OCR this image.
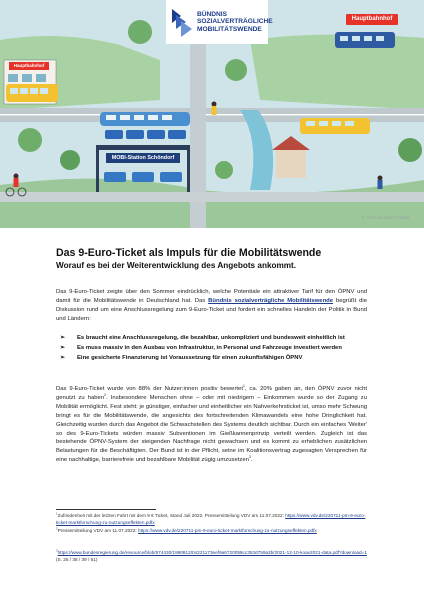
BÜNDNIS
SOZIALVERTRÄGLICHE
MOBILITÄTSWENDE
Hauptbahnhof
Hauptbahnhof
MOBI-Station Schöndorf
© VDA Studios / Fotolia
Das 9-Euro-Ticket als Impuls für die Mobilitätswende
Worauf es bei der Weiterentwicklung des Angebots ankommt.

Das 9-Euro-Ticket zeigte über den Sommer eindrücklich, welche Potentiale ein attraktiver Tarif für den ÖPNV und damit für die Mobilitätswende in Deutschland hat. Das Bündnis sozialverträgliche Mobilitätswende begrüßt die Diskussion rund um eine Anschlussregelung zum 9-Euro-Ticket und fordert ein schnelles Handeln der Politik in Bund und Ländern:

➢ Es braucht eine Anschlussregelung, die bezahlbar, unkompliziert und bundesweit einheitlich ist
➢ Es muss massiv in den Ausbau von Infrastruktur, in Personal und Fahrzeuge investiert werden
➢ Eine gesicherte Finanzierung ist Voraussetzung für einen zukunftsfähigen ÖPNV

Das 9-Euro-Ticket wurde von 88% der Nutzer:innen positiv bewertet$^1$, ca. 20% gaben an, den ÖPNV zuvor nicht genutzt zu haben$^2$. Insbesondere Menschen ohne – oder mit niedrigem – Einkommen wurde so der Zugang zu Mobilität ermöglicht. Fest steht: je günstiger, einfacher und einheitlicher ein Nahverkehrsticket ist, umso mehr Schwung bringt es für die Mobilitätswende, die angesichts des fortschreitenden Klimawandels eine hohe Dringlichkeit hat. Gleichzeitig wurden durch das Angebot die Schwachstellen des Systems deutlich sichtbar. Durch ein einfaches 'Weiter' so des 9-Euro-Tickets würden massiv Subventionen im Gießkannenprinzip verteilt werden. Zugleich ist das bestehende ÖPNV-System der steigenden Nachfrage nicht gewachsen und es kommt zu erheblichen zusätzlichen Belastungen für die Beschäftigten. Der Bund ist in der Pflicht, seine im Koalitionsvertrag zugesagten Versprechen für eine nachhaltige, barrierefreie und bezahlbare Mobilität zügig umzusetzen$^3$.

$^1$Zufriedenheit mit der letzten Fahrt mit dem 9 € Ticket, Stand Juli 2022. Pressemitteilung VDV am 11.07.2022: https://www.vdv.de/220711-pm-9-euro-ticket-marktforschung-zu-nutzungseffekten.pdfx

$^2$Pressemitteilung VDV am 11.07.2022: https://www.vdv.de/220711-pm-9-euro-ticket-marktforschung-zu-nutzungseffekten.pdfx

$^3$https://www.bundesregierung.de/resource/blob/974430/1990812/04221173eef9a6720059cc353d759a2b/2021-12-10-koav2021-data.pdf?download=1 (S. 26 / 38 / 39 / 61)
